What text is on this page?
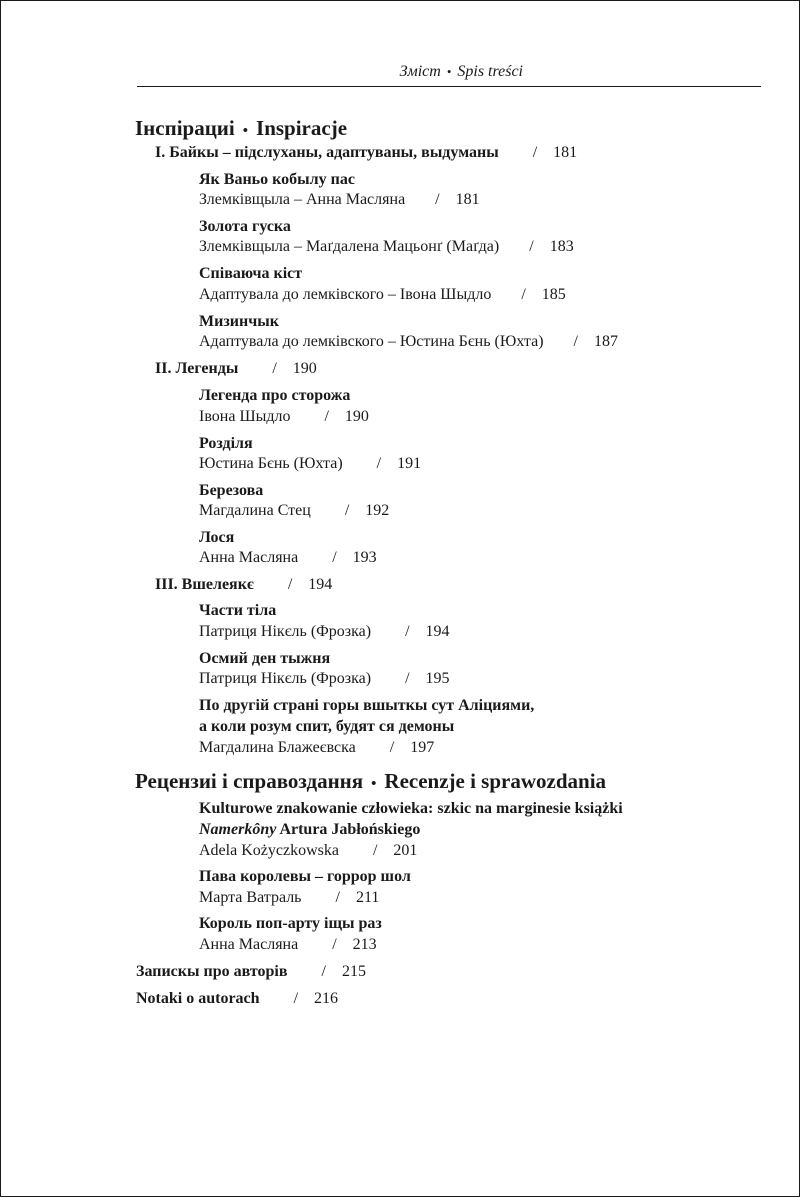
Зміст • Spis treści
Інспірациі • Inspiracje
I. Байкы – підслуханы, адаптуваны, выдуманы / 181
Як Ваньо кобылу пас
Злемківщыла – Анна Масляна / 181
Золота гуска
Злемківщыла – Маґдалена Мацьонґ (Маґда) / 183
Співаюча кіст
Адаптувала до лемківского – Івона Шыдло / 185
Мизинчык
Адаптувала до лемківского – Юстина Бєнь (Юхта) / 187
II. Легенды / 190
Легенда про сторожа
Івона Шыдло / 190
Розділя
Юстина Бєнь (Юхта) / 191
Березова
Магдалина Стец / 192
Лося
Анна Масляна / 193
III. Вшелеякє / 194
Части тіла
Патриця Нікєль (Фрозка) / 194
Осмий ден тыжня
Патриця Нікєль (Фрозка) / 195
По другій страні горы вшыткы сут Аліциями,
а коли розум спит, будят ся демоны
Магдалина Блажеєвска / 197
Рецензиі і справоздання • Recenzje i sprawozdania
Kulturowe znakowanie człowieka: szkic na marginesie książki
Namerkôny Artura Jabłońskiego
Adela Kożyczkowska / 201
Пава королевы – горрор шол
Марта Ватраль / 211
Король поп-арту іщы раз
Анна Масляна / 213
Запискы про авторів / 215
Notaki o autorach / 216
